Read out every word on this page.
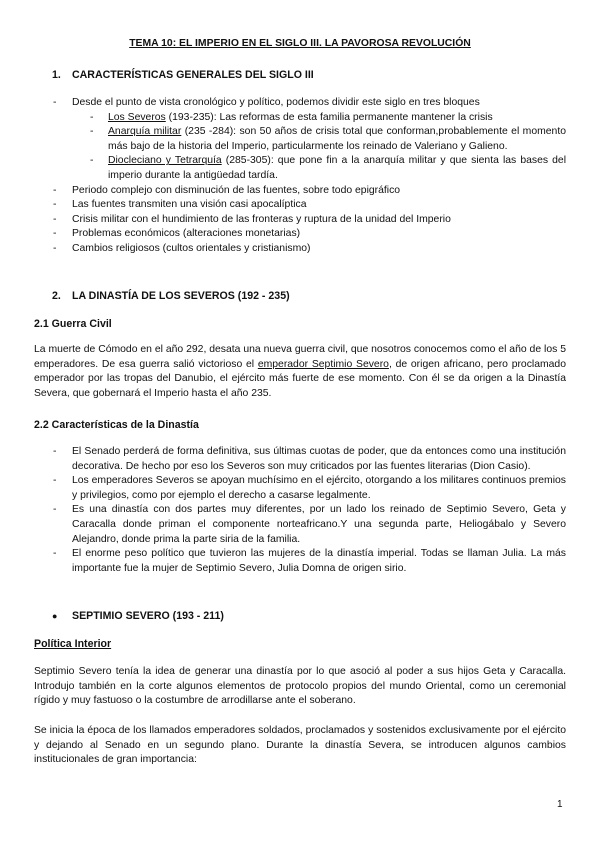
TEMA 10: EL IMPERIO EN EL SIGLO III. LA PAVOROSA REVOLUCIÓN
1. CARACTERÍSTICAS GENERALES DEL SIGLO III
- Desde el punto de vista cronológico y político, podemos dividir este siglo en tres bloques
- Los Severos (193-235): Las reformas de esta familia permanente mantener la crisis
- Anarquía militar (235 -284): son 50 años de crisis total que conforman,probablemente el momento más bajo de la historia del Imperio, particularmente los reinado de Valeriano y Galieno.
- Diocleciano y Tetrarquía (285-305): que pone fin a la anarquía militar y que sienta las bases del imperio durante la antigüedad tardía.
- Periodo complejo con disminución de las fuentes, sobre todo epigráfico
- Las fuentes transmiten una visión casi apocalíptica
- Crisis militar con el hundimiento de las fronteras y ruptura de la unidad del Imperio
- Problemas económicos (alteraciones monetarias)
- Cambios religiosos (cultos orientales y cristianismo)
2. LA DINASTÍA DE LOS SEVEROS (192 - 235)
2.1 Guerra Civil
La muerte de Cómodo en el año 292, desata una nueva guerra civil, que nosotros conocemos como el año de los 5 emperadores. De esa guerra salió victorioso el emperador Septimio Severo, de origen africano, pero proclamado emperador por las tropas del Danubio, el ejército más fuerte de ese momento. Con él se da origen a la Dinastía Severa, que gobernará el Imperio hasta el año 235.
2.2 Características de la Dinastía
- El Senado perderá de forma definitiva, sus últimas cuotas de poder, que da entonces como una institución decorativa. De hecho por eso los Severos son muy criticados por las fuentes literarias (Dion Casio).
- Los emperadores Severos se apoyan muchísimo en el ejército, otorgando a los militares continuos premios y privilegios, como por ejemplo el derecho a casarse legalmente.
- Es una dinastía con dos partes muy diferentes, por un lado los reinado de Septimio Severo, Geta y Caracalla donde priman el componente norteafricano.Y una segunda parte, Heliogábalo y Severo Alejandro, donde prima la parte siria de la familia.
- El enorme peso político que tuvieron las mujeres de la dinastía imperial. Todas se llaman Julia. La más importante fue la mujer de Septimio Severo, Julia Domna de origen sirio.
● SEPTIMIO SEVERO (193 - 211)
Política Interior
Septimio Severo tenía la idea de generar una dinastía por lo que asoció al poder a sus hijos Geta y Caracalla. Introdujo también en la corte algunos elementos de protocolo propios del mundo Oriental, como un ceremonial rígido y muy fastuoso o la costumbre de arrodillarse ante el soberano.
Se inicia la época de los llamados emperadores soldados, proclamados y sostenidos exclusivamente por el ejército y dejando al Senado en un segundo plano. Durante la dinastía Severa, se introducen algunos cambios institucionales de gran importancia:
1
